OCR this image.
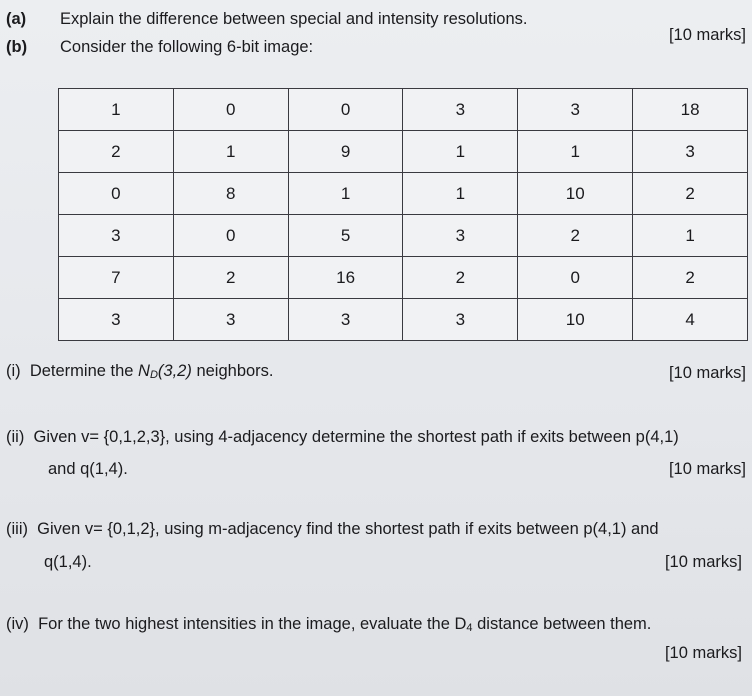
(a) Explain the difference between special and intensity resolutions.
[10 marks]
(b) Consider the following 6-bit image:
1	0	0	3	3	18
2	1	9	1	1	3
0	8	1	1	10	2
3	0	5	3	2	1
7	2	16	2	0	2
3	3	3	3	10	4
(i) Determine the ND(3,2) neighbors.	[10 marks]
(ii) Given v= {0,1,2,3}, using 4-adjacency determine the shortest path if exits between p(4,1)
and q(1,4).	[10 marks]
(iii) Given v= {0,1,2}, using m-adjacency find the shortest path if exits between p(4,1) and
q(1,4).	[10 marks]
(iv) For the two highest intensities in the image, evaluate the D4 distance between them.
[10 marks]
